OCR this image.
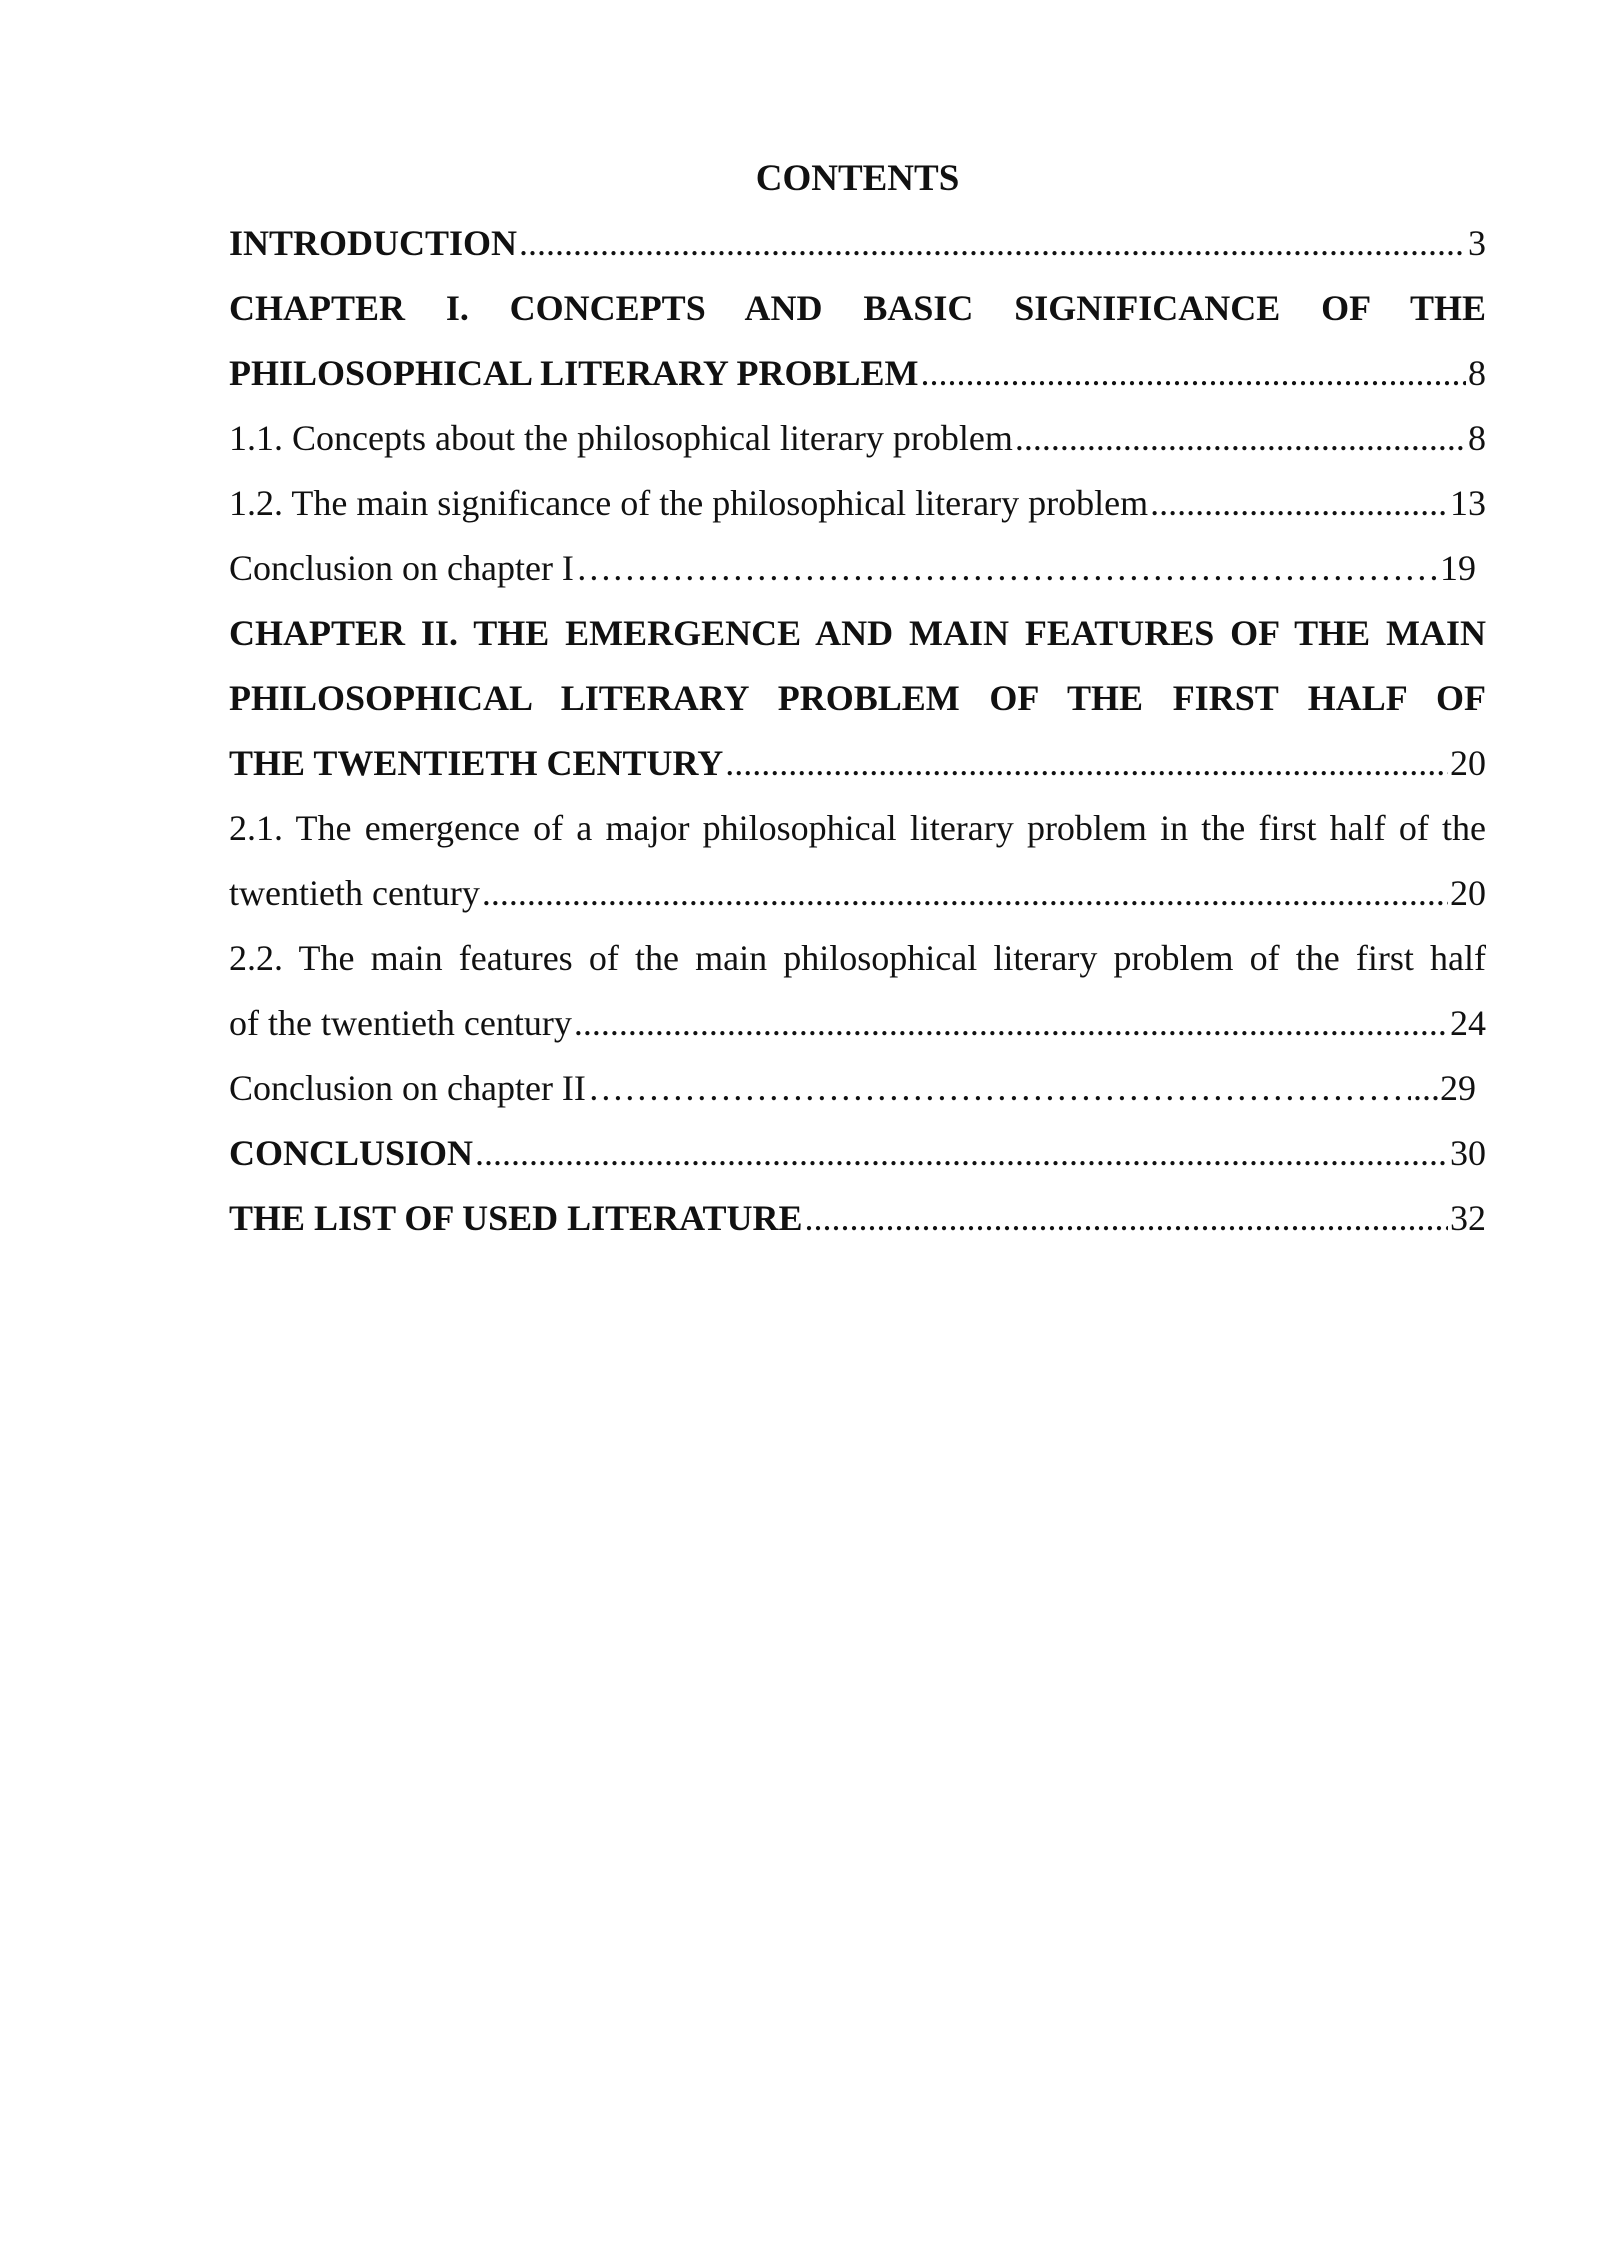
CONTENTS
INTRODUCTION .....	3
CHAPTER I. CONCEPTS AND BASIC SIGNIFICANCE OF THE
PHILOSOPHICAL LITERARY PROBLEM .....	8
1.1. Concepts about the philosophical literary problem .....	8
1.2. The main significance of the philosophical literary problem .....	13
Conclusion on chapter I ………………………………………………………………………………………………………………………………………………	19
CHAPTER II. THE EMERGENCE AND MAIN FEATURES OF THE MAIN
PHILOSOPHICAL LITERARY PROBLEM OF THE FIRST HALF OF
THE TWENTIETH CENTURY .....	20
2.1. The emergence of a major philosophical literary problem in the first half of the
twentieth century .....	20
2.2. The main features of the main philosophical literary problem of the first half
of the twentieth century .....	24
Conclusion on chapter II ………………………………………………………………………………………………………………………………………………	...29
CONCLUSION .....	30
THE LIST OF USED LITERATURE .....	32
